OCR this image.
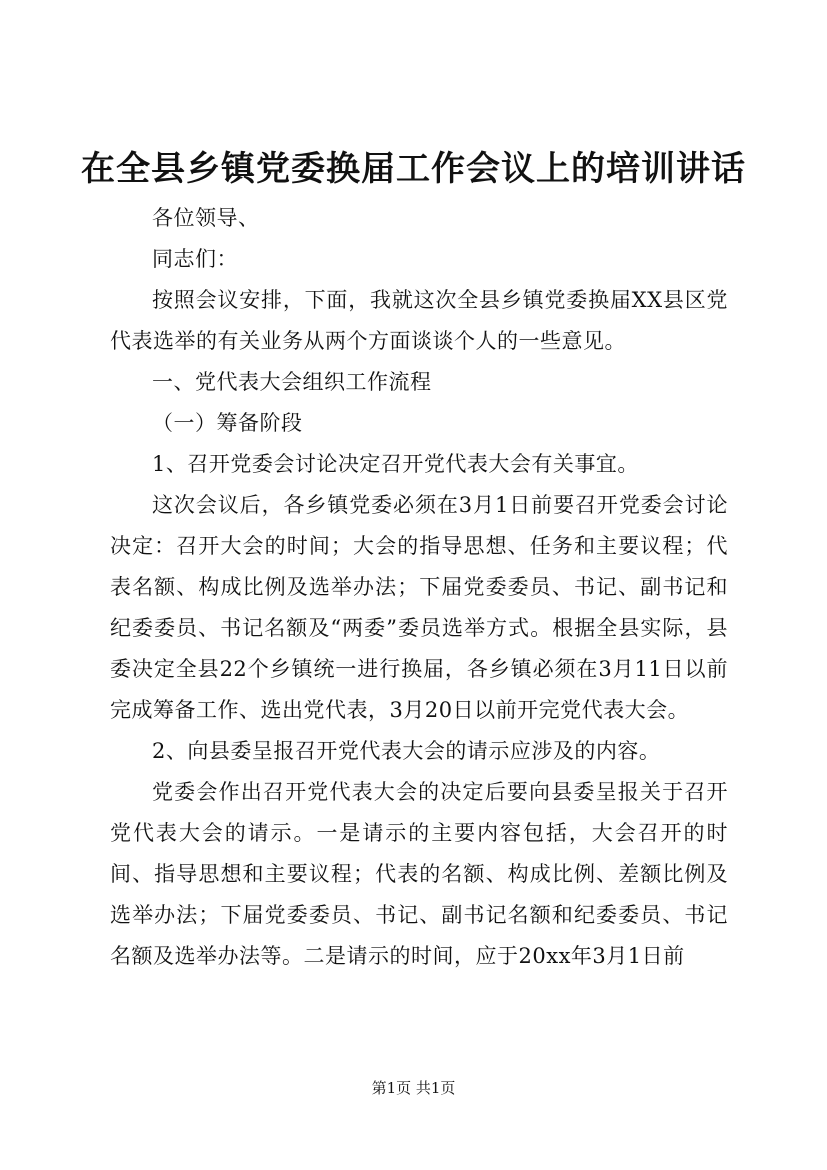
在全县乡镇党委换届工作会议上的培训讲话

各位领导、

同志们：

按照会议安排，下面，我就这次全县乡镇党委换届XX县区党代表选举的有关业务从两个方面谈谈个人的一些意见。

一、党代表大会组织工作流程

（一）筹备阶段

1、召开党委会讨论决定召开党代表大会有关事宜。

这次会议后，各乡镇党委必须在3月1日前要召开党委会讨论决定：召开大会的时间；大会的指导思想、任务和主要议程；代表名额、构成比例及选举办法；下届党委委员、书记、副书记和纪委委员、书记名额及“两委”委员选举方式。根据全县实际，县委决定全县22个乡镇统一进行换届，各乡镇必须在3月11日以前完成筹备工作、选出党代表，3月20日以前开完党代表大会。

2、向县委呈报召开党代表大会的请示应涉及的内容。

党委会作出召开党代表大会的决定后要向县委呈报关于召开党代表大会的请示。一是请示的主要内容包括，大会召开的时间、指导思想和主要议程；代表的名额、构成比例、差额比例及选举办法；下届党委委员、书记、副书记名额和纪委委员、书记名额及选举办法等。二是请示的时间，应于20xx年3月1日前

第1页 共1页
